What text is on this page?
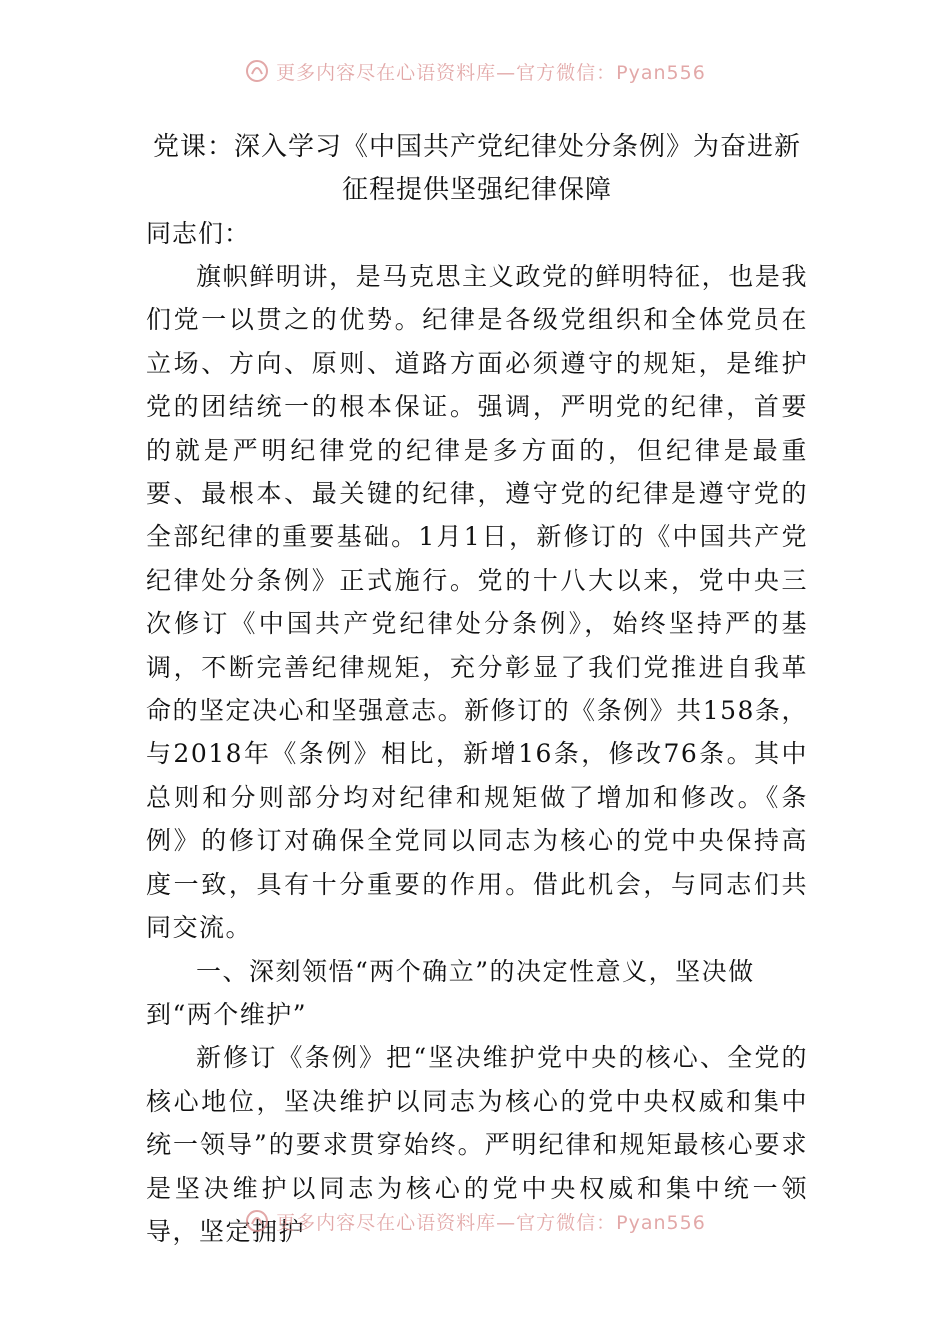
更多内容尽在心语资料库—官方微信：Pyan556
党课：深入学习《中国共产党纪律处分条例》为奋进新征程提供坚强纪律保障

同志们：

旗帜鲜明讲，是马克思主义政党的鲜明特征，也是我们党一以贯之的优势。纪律是各级党组织和全体党员在立场、方向、原则、道路方面必须遵守的规矩，是维护党的团结统一的根本保证。强调，严明党的纪律，首要的就是严明纪律党的纪律是多方面的，但纪律是最重要、最根本、最关键的纪律，遵守党的纪律是遵守党的全部纪律的重要基础。1月1日，新修订的《中国共产党纪律处分条例》正式施行。党的十八大以来，党中央三次修订《中国共产党纪律处分条例》，始终坚持严的基调，不断完善纪律规矩，充分彰显了我们党推进自我革命的坚定决心和坚强意志。新修订的《条例》共158条，与2018年《条例》相比，新增16条，修改76条。其中总则和分则部分均对纪律和规矩做了增加和修改。《条例》的修订对确保全党同以同志为核心的党中央保持高度一致，具有十分重要的作用。借此机会，与同志们共同交流。

一、深刻领悟“两个确立”的决定性意义，坚决做到“两个维护”

新修订《条例》把“坚决维护党中央的核心、全党的核心地位，坚决维护以同志为核心的党中央权威和集中统一领导”的要求贯穿始终。严明纪律和规矩最核心要求是坚决维护以同志为核心的党中央权威和集中统一领导，坚定拥护

更多内容尽在心语资料库—官方微信：Pyan556
